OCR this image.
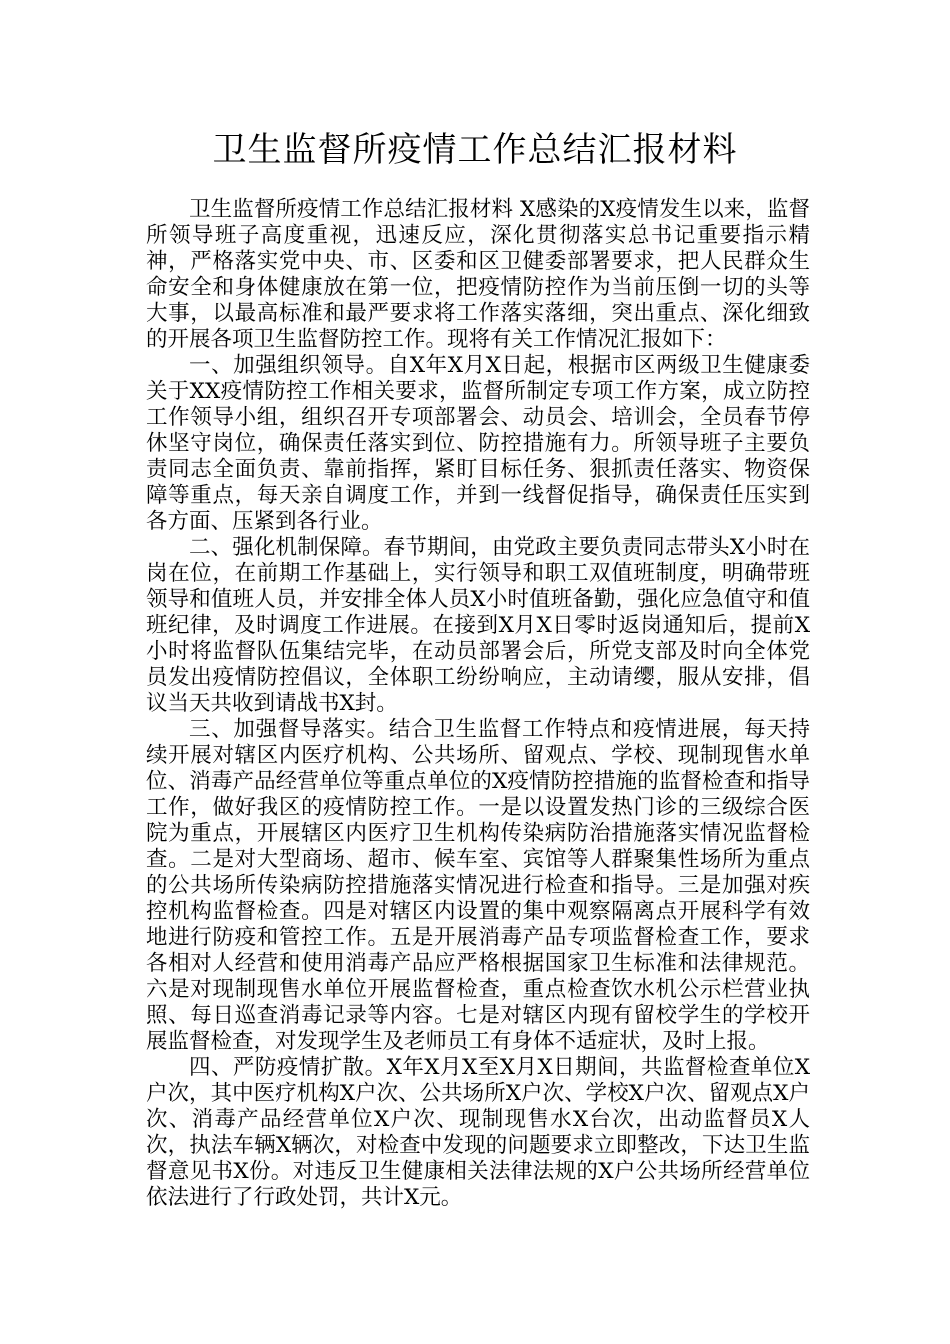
卫生监督所疫情工作总结汇报材料

卫生监督所疫情工作总结汇报材料 X感染的X疫情发生以来，监督所领导班子高度重视，迅速反应，深化贯彻落实总书记重要指示精神，严格落实党中央、市、区委和区卫健委部署要求，把人民群众生命安全和身体健康放在第一位，把疫情防控作为当前压倒一切的头等大事，以最高标准和最严要求将工作落实落细，突出重点、深化细致的开展各项卫生监督防控工作。现将有关工作情况汇报如下：

一、加强组织领导。自X年X月X日起，根据市区两级卫生健康委关于XX疫情防控工作相关要求，监督所制定专项工作方案，成立防控工作领导小组，组织召开专项部署会、动员会、培训会，全员春节停休坚守岗位，确保责任落实到位、防控措施有力。所领导班子主要负责同志全面负责、靠前指挥，紧盯目标任务、狠抓责任落实、物资保障等重点，每天亲自调度工作，并到一线督促指导，确保责任压实到各方面、压紧到各行业。

二、强化机制保障。春节期间，由党政主要负责同志带头X小时在岗在位，在前期工作基础上，实行领导和职工双值班制度，明确带班领导和值班人员，并安排全体人员X小时值班备勤，强化应急值守和值班纪律，及时调度工作进展。在接到X月X日零时返岗通知后，提前X小时将监督队伍集结完毕，在动员部署会后，所党支部及时向全体党员发出疫情防控倡议，全体职工纷纷响应，主动请缨，服从安排，倡议当天共收到请战书X封。

三、加强督导落实。结合卫生监督工作特点和疫情进展，每天持续开展对辖区内医疗机构、公共场所、留观点、学校、现制现售水单位、消毒产品经营单位等重点单位的X疫情防控措施的监督检查和指导工作，做好我区的疫情防控工作。一是以设置发热门诊的三级综合医院为重点，开展辖区内医疗卫生机构传染病防治措施落实情况监督检查。二是对大型商场、超市、候车室、宾馆等人群聚集性场所为重点的公共场所传染病防控措施落实情况进行检查和指导。三是加强对疾控机构监督检查。四是对辖区内设置的集中观察隔离点开展科学有效地进行防疫和管控工作。五是开展消毒产品专项监督检查工作，要求各相对人经营和使用消毒产品应严格根据国家卫生标准和法律规范。六是对现制现售水单位开展监督检查，重点检查饮水机公示栏营业执照、每日巡查消毒记录等内容。七是对辖区内现有留校学生的学校开展监督检查，对发现学生及老师员工有身体不适症状，及时上报。

四、严防疫情扩散。X年X月X至X月X日期间，共监督检查单位X户次，其中医疗机构X户次、公共场所X户次、学校X户次、留观点X户次、消毒产品经营单位X户次、现制现售水X台次，出动监督员X人次，执法车辆X辆次，对检查中发现的问题要求立即整改，下达卫生监督意见书X份。对违反卫生健康相关法律法规的X户公共场所经营单位依法进行了行政处罚，共计X元。
